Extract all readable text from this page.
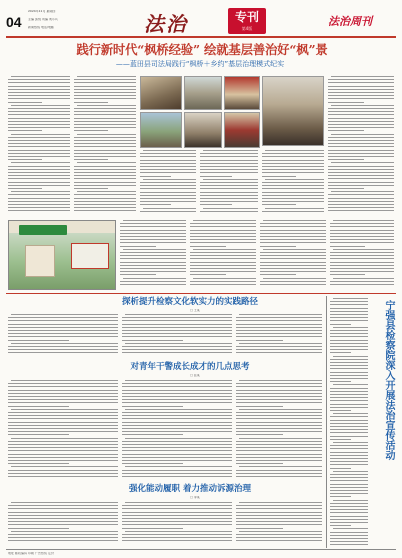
04
2024年11月 星期四
主编 邱悦 责编 刘小兵
新闻热线 电话/电邮	法治	专刊
第4版
法治周刊
践行新时代“枫桥经验” 绘就基层善治好“枫”景
——蓝田县司法局践行“枫桥＋乡约”基层治理模式纪实
探析提升检察文化软实力的实践路径
□ 王某
对青年干警成长成才的几点思考
□ 张某
强化能动履职 着力推动诉源治理
□ 李某
宁强县检察院深入开展法治宣传活动
地址 邮政编码 印刷 广告热线 定价
